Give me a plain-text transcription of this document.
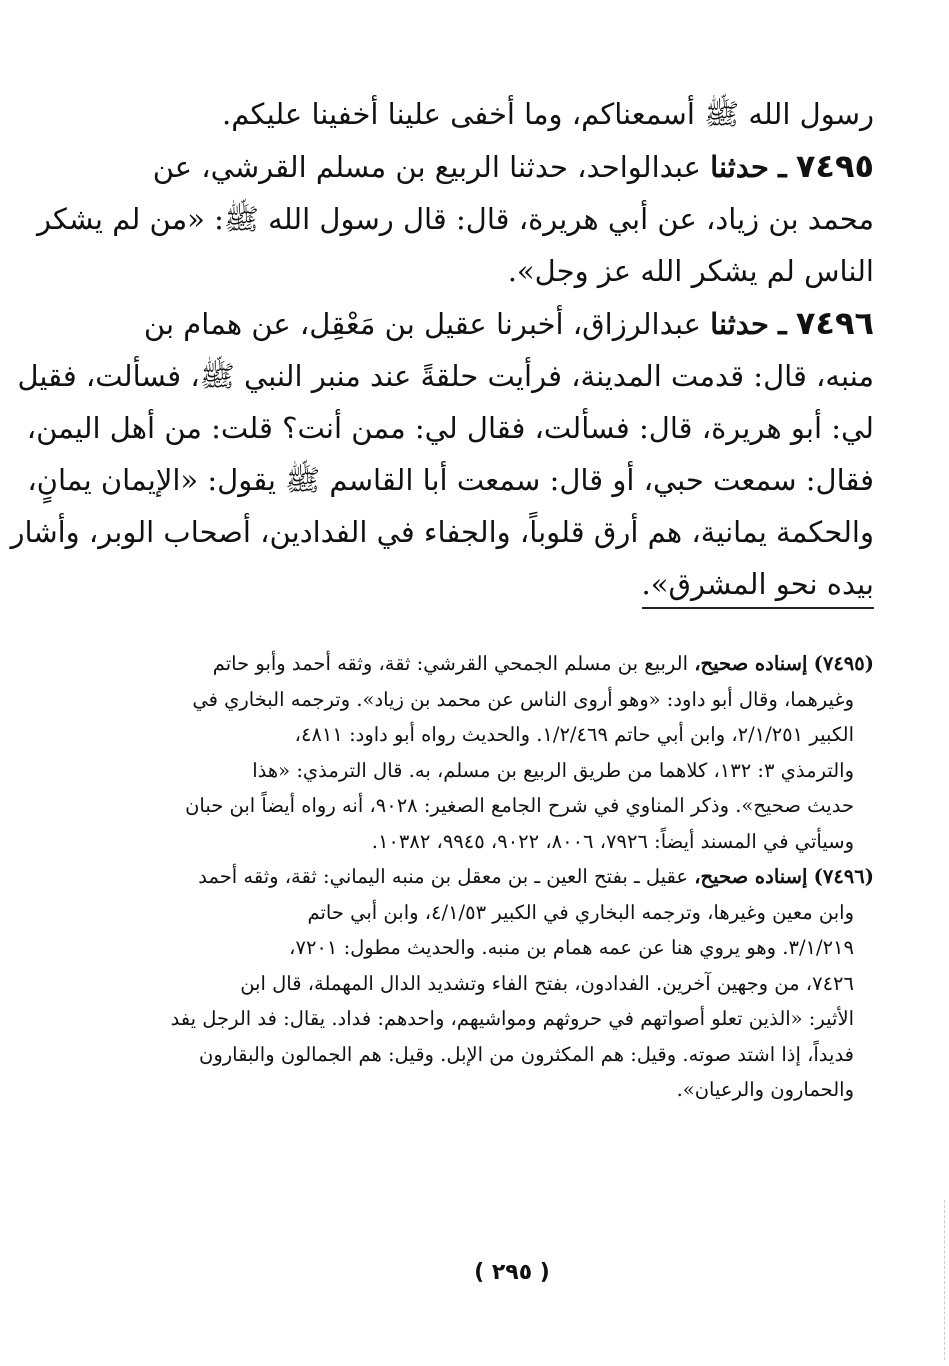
رسول الله ﷺ أسمعناكم، وما أخفى علينا أخفينا عليكم.

٧٤٩٥ ـ حدثنا عبدالواحد، حدثنا الربيع بن مسلم القرشي، عن

محمد بن زياد، عن أبي هريرة، قال: قال رسول الله ﷺ: «من لم يشكر

الناس لم يشكر الله عز وجل».

٧٤٩٦ ـ حدثنا عبدالرزاق، أخبرنا عقيل بن مَعْقِل، عن همام بن

منبه، قال: قدمت المدينة، فرأيت حلقةً عند منبر النبي ﷺ، فسألت، فقيل

لي: أبو هريرة، قال: فسألت، فقال لي: ممن أنت؟ قلت: من أهل اليمن،

فقال: سمعت حبي، أو قال: سمعت أبا القاسم ﷺ يقول: «الإيمان يمانٍ،

والحكمة يمانية، هم أرق قلوباً، والجفاء في الفدادين، أصحاب الوبر، وأشار

بيده نحو المشرق».

(٧٤٩٥) إسناده صحيح، الربيع بن مسلم الجمحي القرشي: ثقة، وثقه أحمد وأبو حاتم

وغيرهما، وقال أبو داود: «وهو أروى الناس عن محمد بن زياد». وترجمه البخاري في

الكبير ٢/١/٢٥١، وابن أبي حاتم ١/٢/٤٦٩. والحديث رواه أبو داود: ٤٨١١،

والترمذي ٣: ١٣٢، كلاهما من طريق الربيع بن مسلم، به. قال الترمذي: «هذا

حديث صحيح». وذكر المناوي في شرح الجامع الصغير: ٩٠٢٨، أنه رواه أيضاً ابن حبان

وسيأتي في المسند أيضاً: ٧٩٢٦، ٨٠٠٦، ٩٠٢٢، ٩٩٤٥، ١٠٣٨٢.

(٧٤٩٦) إسناده صحيح، عقيل ـ بفتح العين ـ بن معقل بن منبه اليماني: ثقة، وثقه أحمد

وابن معين وغيرها، وترجمه البخاري في الكبير ٤/١/٥٣، وابن أبي حاتم

٣/١/٢١٩. وهو يروي هنا عن عمه همام بن منبه. والحديث مطول: ٧٢٠١،

٧٤٢٦، من وجهين آخرين. الفدادون، بفتح الفاء وتشديد الدال المهملة، قال ابن

الأثير: «الذين تعلو أصواتهم في حروثهم ومواشيهم، واحدهم: فداد. يقال: فد الرجل يفد

فديداً، إذا اشتد صوته. وقيل: هم المكثرون من الإبل. وقيل: هم الجمالون والبقارون

والحمارون والرعيان».

( ٢٩٥ )
